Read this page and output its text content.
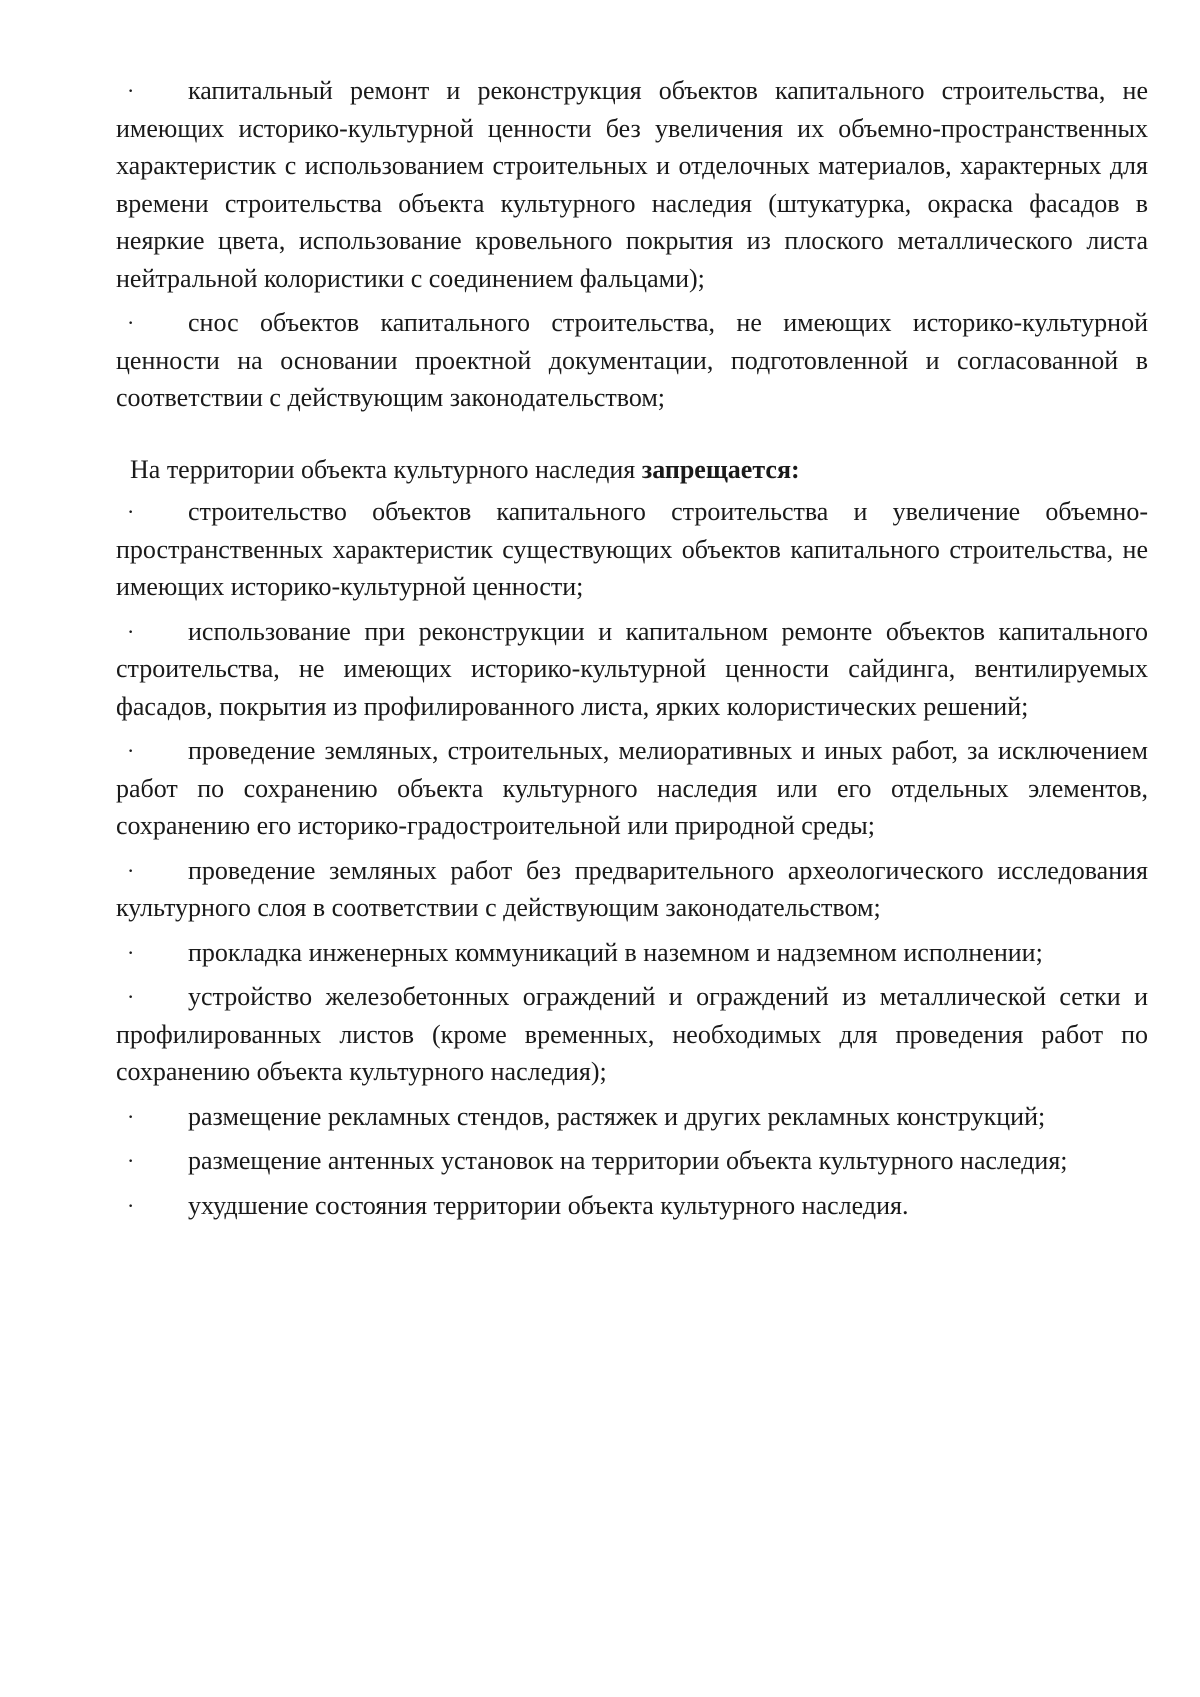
· капитальный ремонт и реконструкция объектов капитального строительства, не имеющих историко-культурной ценности без увеличения их объемно-пространственных характеристик с использованием строительных и отделочных материалов, характерных для времени строительства объекта культурного наследия (штукатурка, окраска фасадов в неяркие цвета, использование кровельного покрытия из плоского металлического листа нейтральной колористики с соединением фальцами);
· снос объектов капитального строительства, не имеющих историко-культурной ценности на основании проектной документации, подготовленной и согласованной в соответствии с действующим законодательством;
На территории объекта культурного наследия запрещается:
· строительство объектов капитального строительства и увеличение объемно-пространственных характеристик существующих объектов капитального строительства, не имеющих историко-культурной ценности;
· использование при реконструкции и капитальном ремонте объектов капитального строительства, не имеющих историко-культурной ценности сайдинга, вентилируемых фасадов, покрытия из профилированного листа, ярких колористических решений;
· проведение земляных, строительных, мелиоративных и иных работ, за исключением работ по сохранению объекта культурного наследия или его отдельных элементов, сохранению его историко-градостроительной или природной среды;
· проведение земляных работ без предварительного археологического исследования культурного слоя в соответствии с действующим законодательством;
· прокладка инженерных коммуникаций в наземном и надземном исполнении;
· устройство железобетонных ограждений и ограждений из металлической сетки и профилированных листов (кроме временных, необходимых для проведения работ по сохранению объекта культурного наследия);
· размещение рекламных стендов, растяжек и других рекламных конструкций;
· размещение антенных установок на территории объекта культурного наследия;
· ухудшение состояния территории объекта культурного наследия.
